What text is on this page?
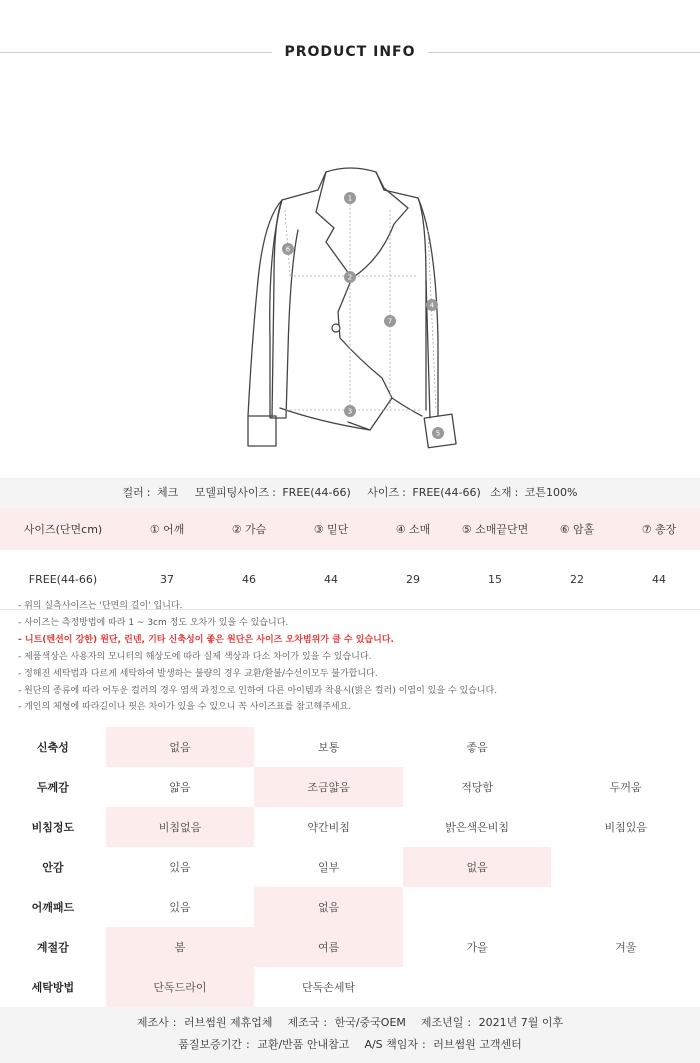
PRODUCT INFO
1
2
3
4
5
6
7
컬러 : 체크 모델피팅사이즈 : FREE(44-66) 사이즈 : FREE(44-66) 소재 : 코튼100%
사이즈(단면cm)	① 어깨	② 가슴	③ 밑단	④ 소매	⑤ 소매끝단면	⑥ 암홀	⑦ 총장
FREE(44-66)	37	46	44	29	15	22	44
- 위의 실측사이즈는 '단면의 길이' 입니다.
- 사이즈는 측정방법에 따라 1 ~ 3cm 정도 오차가 있을 수 있습니다.
- 니트(텐션이 강한) 원단, 린넨, 기타 신축성이 좋은 원단은 사이즈 오차범위가 클 수 있습니다.
- 제품색상은 사용자의 모니터의 해상도에 따라 실제 색상과 다소 차이가 있을 수 있습니다.
- 정해진 세탁법과 다르게 세탁하여 발생하는 불량의 경우 교환/환불/수선이모두 불가합니다.
- 원단의 종류에 따라 어두운 컬러의 경우 염색 과정으로 인하여 다른 아이템과 착용시(밝은 컬러) 이염이 있을 수 있습니다.
- 개인의 체형에 따라길이나 핏은 차이가 있을 수 있으니 꼭 사이즈표를 참고해주세요.
신축성	없음	보통	좋음
두께감	얇음	조금얇음	적당함	두꺼움
비침정도	비침없음	약간비침	밝은색은비침	비침있음
안감	있음	일부	없음
어깨패드	있음	없음
계절감	봄	여름	가을	겨울
세탁방법	단독드라이	단독손세탁
제조사 : 러브썸원 제휴업체 제조국 : 한국/중국OEM 제조년일 : 2021년 7월 이후
품질보증기간 : 교환/반품 안내참고 A/S 책임자 : 러브썸원 고객센터
